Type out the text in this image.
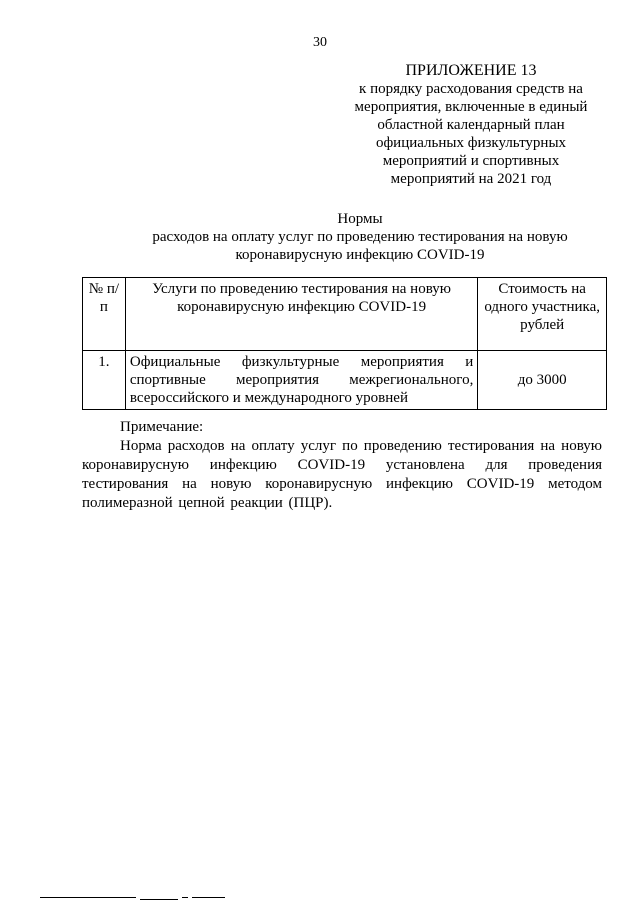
30
ПРИЛОЖЕНИЕ 13
к порядку расходования средств на
мероприятия, включенные в единый
областной календарный план
официальных физкультурных
мероприятий и спортивных
мероприятий на 2021 год
Нормы
расходов на оплату услуг по проведению тестирования на новую
коронавирусную инфекцию COVID-19
№ п/п	Услуги по проведению тестирования на новую коронавирусную инфекцию COVID-19	Стоимость на одного участника, рублей
1.	Официальные физкультурные мероприятия и спортивные мероприятия межрегионального, всероссийского и международного уровней	до 3000
Примечание:
Норма расходов на оплату услуг по проведению тестирования на новую коронавирусную инфекцию COVID-19 установлена для проведения тестирования на новую коронавирусную инфекцию COVID-19 методом полимеразной цепной реакции (ПЦР).
